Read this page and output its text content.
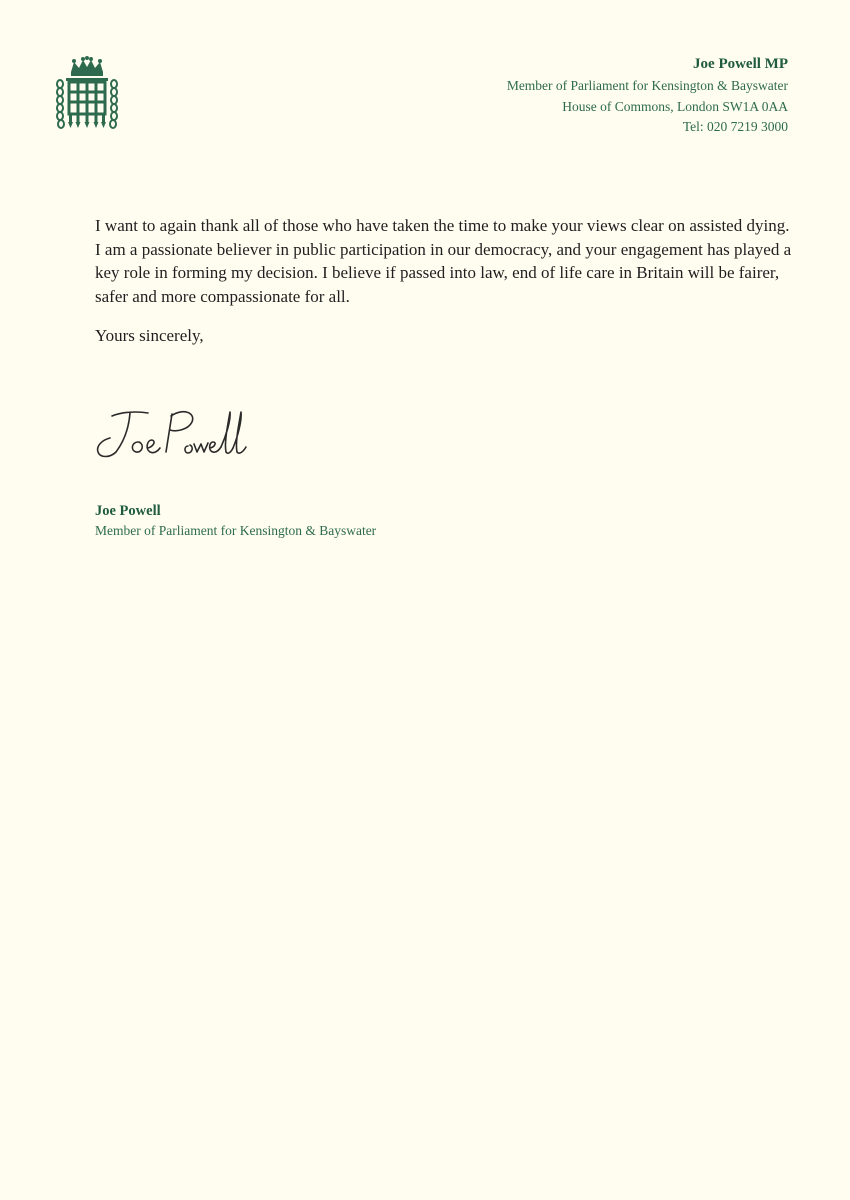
Joe Powell MP
Member of Parliament for Kensington & Bayswater
House of Commons, London SW1A 0AA
Tel: 020 7219 3000

I want to again thank all of those who have taken the time to make your views clear on assisted dying. I am a passionate believer in public participation in our democracy, and your engagement has played a key role in forming my decision. I believe if passed into law, end of life care in Britain will be fairer, safer and more compassionate for all.

Yours sincerely,
Joe Powell
Member of Parliament for Kensington & Bayswater
